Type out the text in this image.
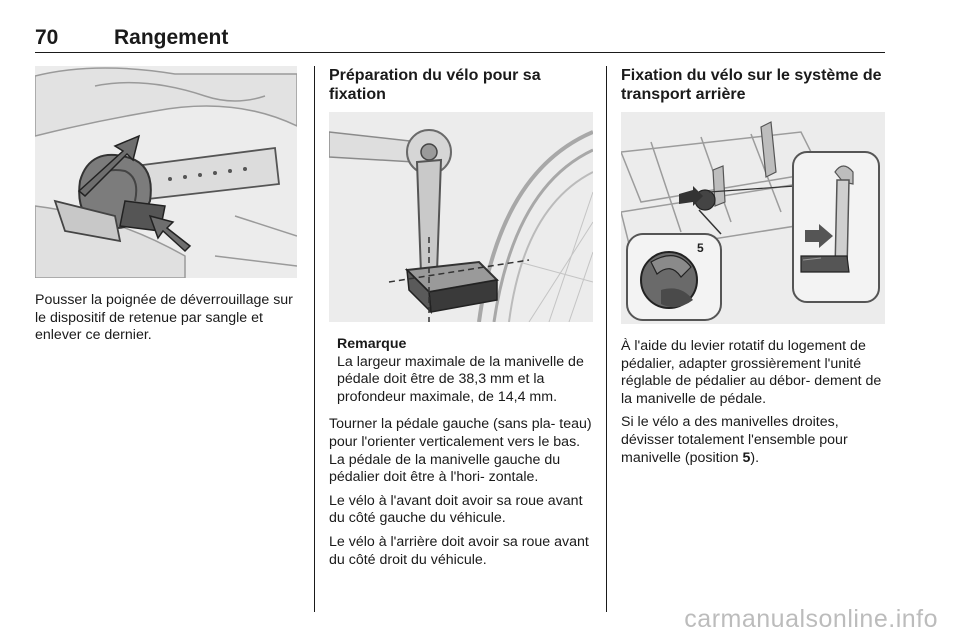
70	Rangement

Pousser la poignée de déverrouillage sur le dispositif de retenue par sangle et enlever ce dernier.

Préparation du vélo pour sa fixation
Remarque
La largeur maximale de la manivelle de pédale doit être de 38,3 mm et la profondeur maximale, de 14,4 mm.

Tourner la pédale gauche (sans pla- teau) pour l'orienter verticalement vers le bas. La pédale de la manivelle gauche du pédalier doit être à l'hori- zontale.

Le vélo à l'avant doit avoir sa roue avant du côté gauche du véhicule.

Le vélo à l'arrière doit avoir sa roue avant du côté droit du véhicule.

Fixation du vélo sur le système de transport arrière
5

À l'aide du levier rotatif du logement de pédalier, adapter grossièrement l'unité réglable de pédalier au débor- dement de la manivelle de pédale.

Si le vélo a des manivelles droites, dévisser totalement l'ensemble pour manivelle (position 5).

carmanualsonline.info
